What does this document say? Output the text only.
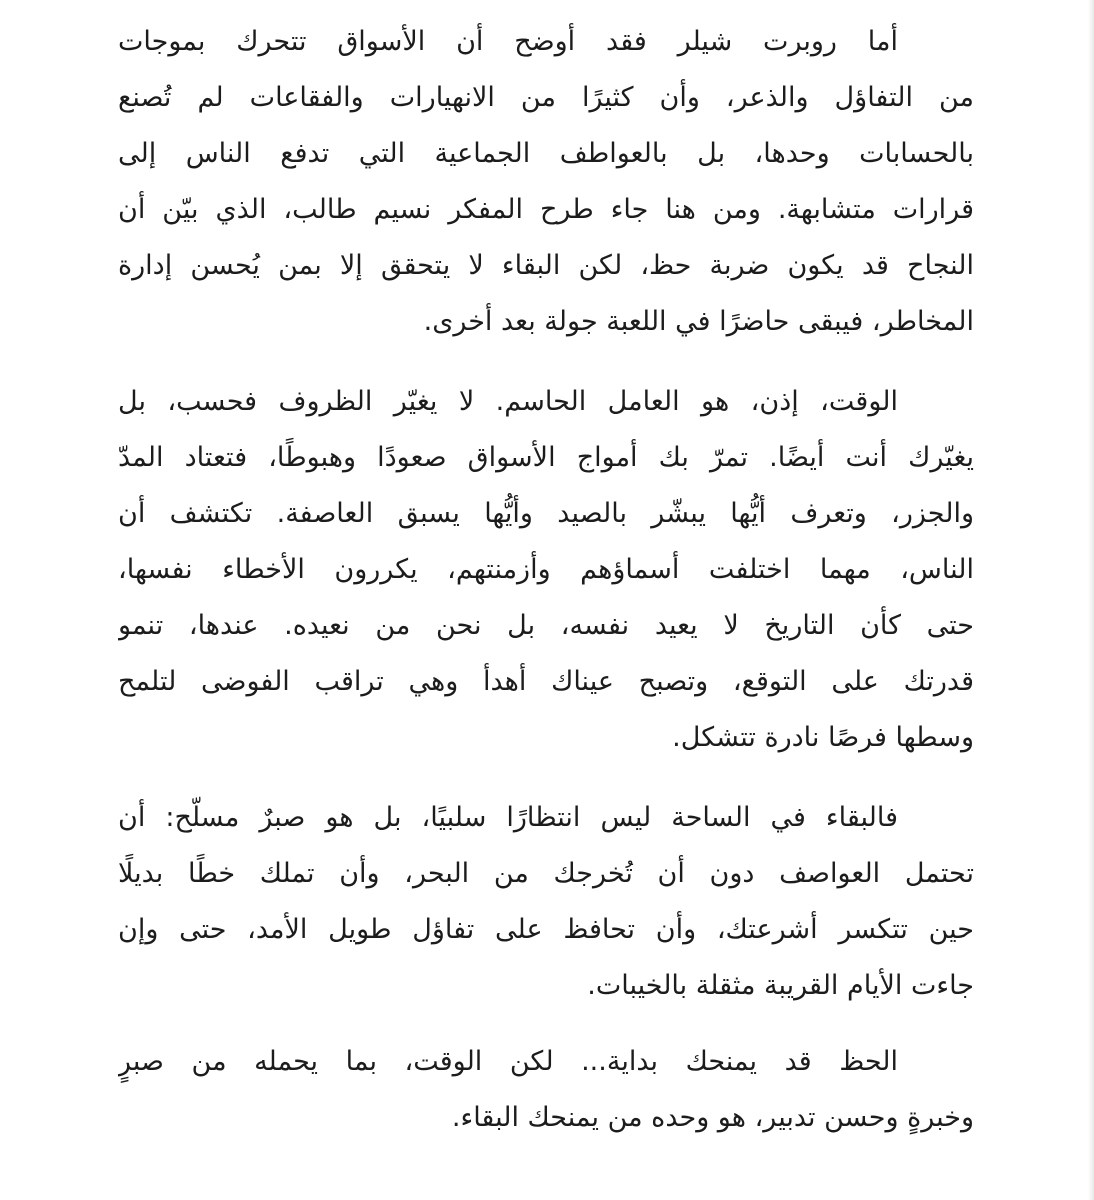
أما روبرت شيلر فقد أوضح أن الأسواق تتحرك بموجات
من التفاؤل والذعر، وأن كثيرًا من الانهيارات والفقاعات لم تُصنع
بالحسابات وحدها، بل بالعواطف الجماعية التي تدفع الناس إلى
قرارات متشابهة. ومن هنا جاء طرح المفكر نسيم طالب، الذي بيّن أن
النجاح قد يكون ضربة حظ، لكن البقاء لا يتحقق إلا بمن يُحسن إدارة
المخاطر، فيبقى حاضرًا في اللعبة جولة بعد أخرى.

الوقت، إذن، هو العامل الحاسم. لا يغيّر الظروف فحسب، بل
يغيّرك أنت أيضًا. تمرّ بك أمواج الأسواق صعودًا وهبوطًا، فتعتاد المدّ
والجزر، وتعرف أيُّها يبشّر بالصيد وأيُّها يسبق العاصفة. تكتشف أن
الناس، مهما اختلفت أسماؤهم وأزمنتهم، يكررون الأخطاء نفسها،
حتى كأن التاريخ لا يعيد نفسه، بل نحن من نعيده. عندها، تنمو
قدرتك على التوقع، وتصبح عيناك أهدأ وهي تراقب الفوضى لتلمح
وسطها فرصًا نادرة تتشكل.

فالبقاء في الساحة ليس انتظارًا سلبيًا، بل هو صبرٌ مسلّح: أن
تحتمل العواصف دون أن تُخرجك من البحر، وأن تملك خطًا بديلًا
حين تتكسر أشرعتك، وأن تحافظ على تفاؤل طويل الأمد، حتى وإن
جاءت الأيام القريبة مثقلة بالخيبات.

الحظ قد يمنحك بداية... لكن الوقت، بما يحمله من صبرٍ
وخبرةٍ وحسن تدبير، هو وحده من يمنحك البقاء.
